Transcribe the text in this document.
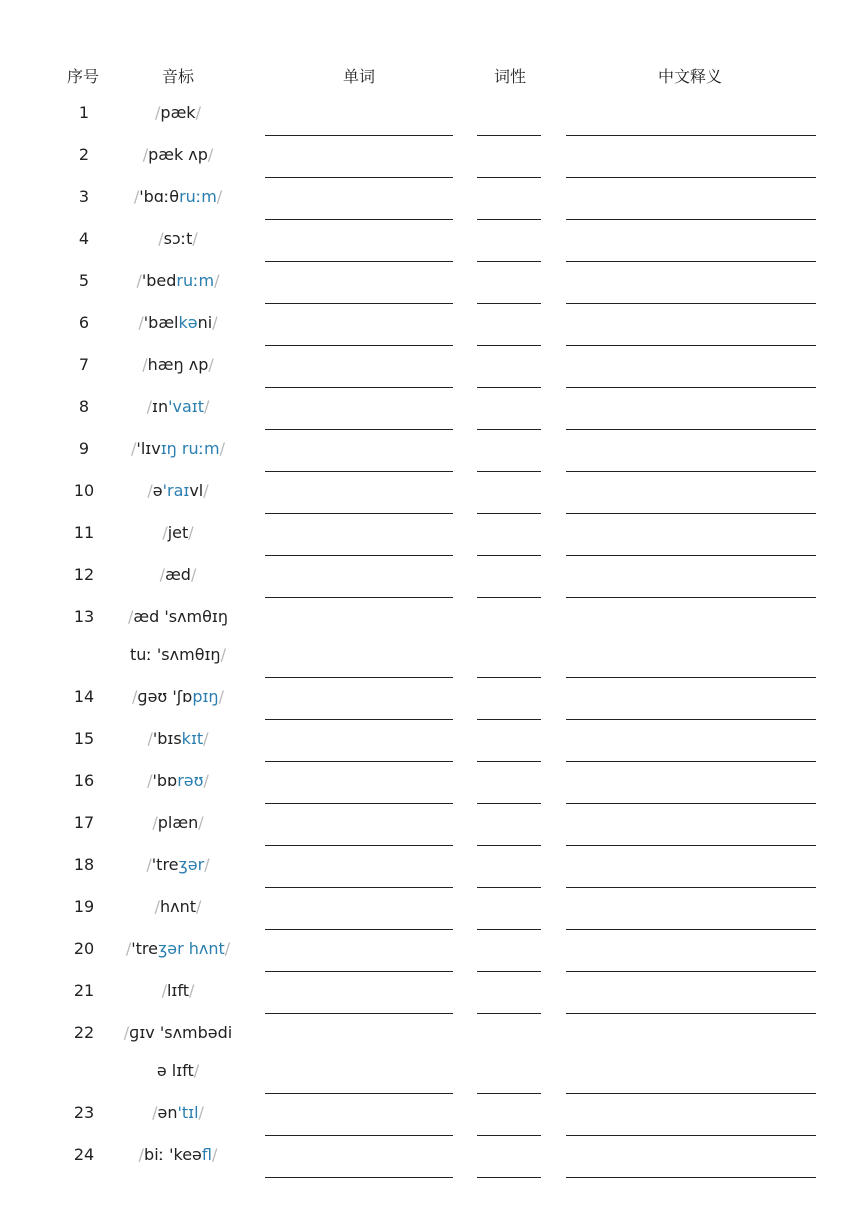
序号	音标	单词	词性	中文释义
1	/pæk/
2	/pæk ʌp/
3	/'bɑːθruːm/
4	/sɔːt/
5	/'bedruːm/
6	/'bælkəni/
7	/hæŋ ʌp/
8	/ɪn'vaɪt/
9	/'lɪvɪŋ ruːm/
10	/ə'raɪvl/
11	/jet/
12	/æd/
13	/æd 'sʌmθɪŋ
tuː 'sʌmθɪŋ/
14	/ɡəʊ 'ʃɒpɪŋ/
15	/'bɪskɪt/
16	/'bɒrəʊ/
17	/plæn/
18	/'treʒər/
19	/hʌnt/
20	/'treʒər hʌnt/
21	/lɪft/
22	/ɡɪv 'sʌmbədi
ə lɪft/
23	/ən'tɪl/
24	/biː 'keəfl/
